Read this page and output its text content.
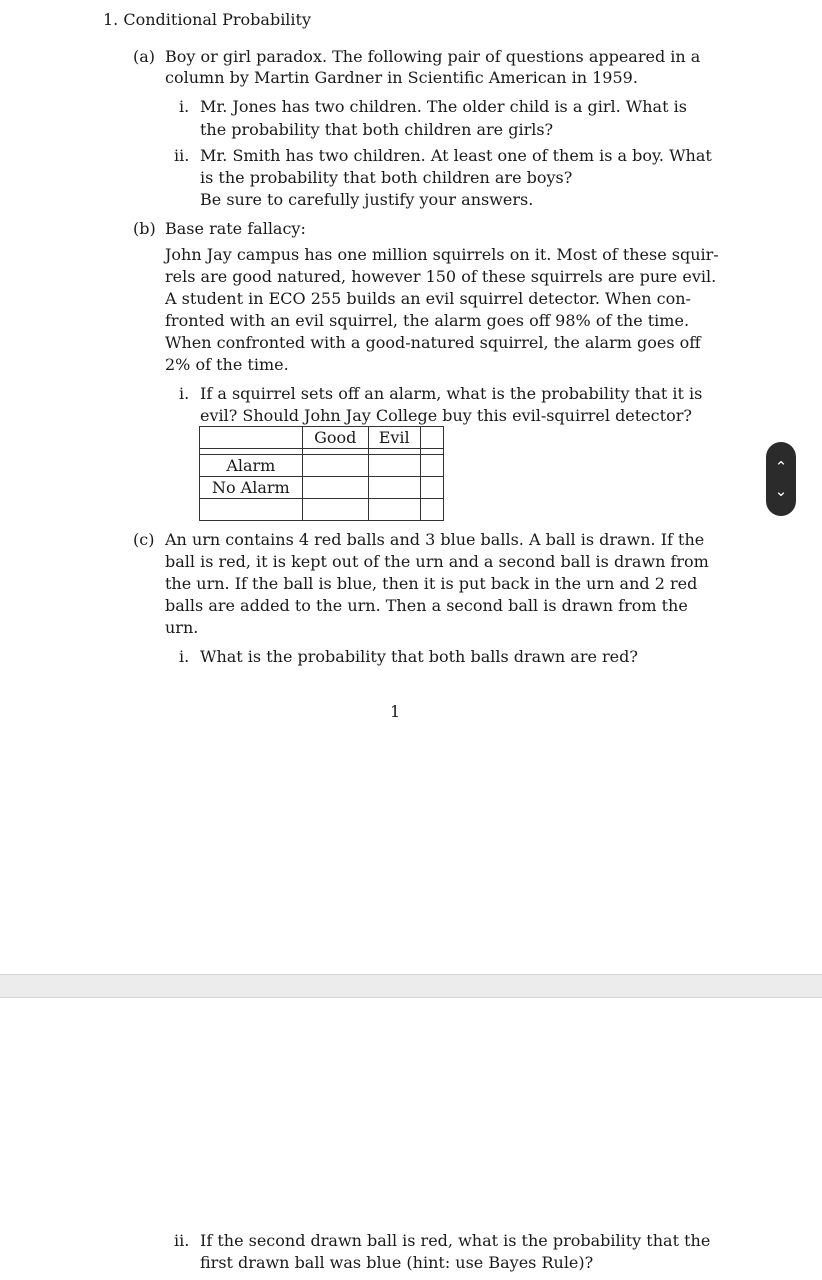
1. Conditional Probability
(a) Boy or girl paradox. The following pair of questions appeared in a
column by Martin Gardner in Scientific American in 1959.
i. Mr. Jones has two children. The older child is a girl. What is
the probability that both children are girls?
ii. Mr. Smith has two children. At least one of them is a boy. What
is the probability that both children are boys?
Be sure to carefully justify your answers.
(b) Base rate fallacy:
John Jay campus has one million squirrels on it. Most of these squir-
rels are good natured, however 150 of these squirrels are pure evil.
A student in ECO 255 builds an evil squirrel detector. When con-
fronted with an evil squirrel, the alarm goes off 98% of the time.
When confronted with a good-natured squirrel, the alarm goes off
2% of the time.
i. If a squirrel sets off an alarm, what is the probability that it is
evil? Should John Jay College buy this evil-squirrel detector?
	Good	Evil	

Alarm			
No Alarm			

(c) An urn contains 4 red balls and 3 blue balls. A ball is drawn. If the
ball is red, it is kept out of the urn and a second ball is drawn from
the urn. If the ball is blue, then it is put back in the urn and 2 red
balls are added to the urn. Then a second ball is drawn from the
urn.
i. What is the probability that both balls drawn are red?
1
ii. If the second drawn ball is red, what is the probability that the
first drawn ball was blue (hint: use Bayes Rule)?
⌃
⌄
